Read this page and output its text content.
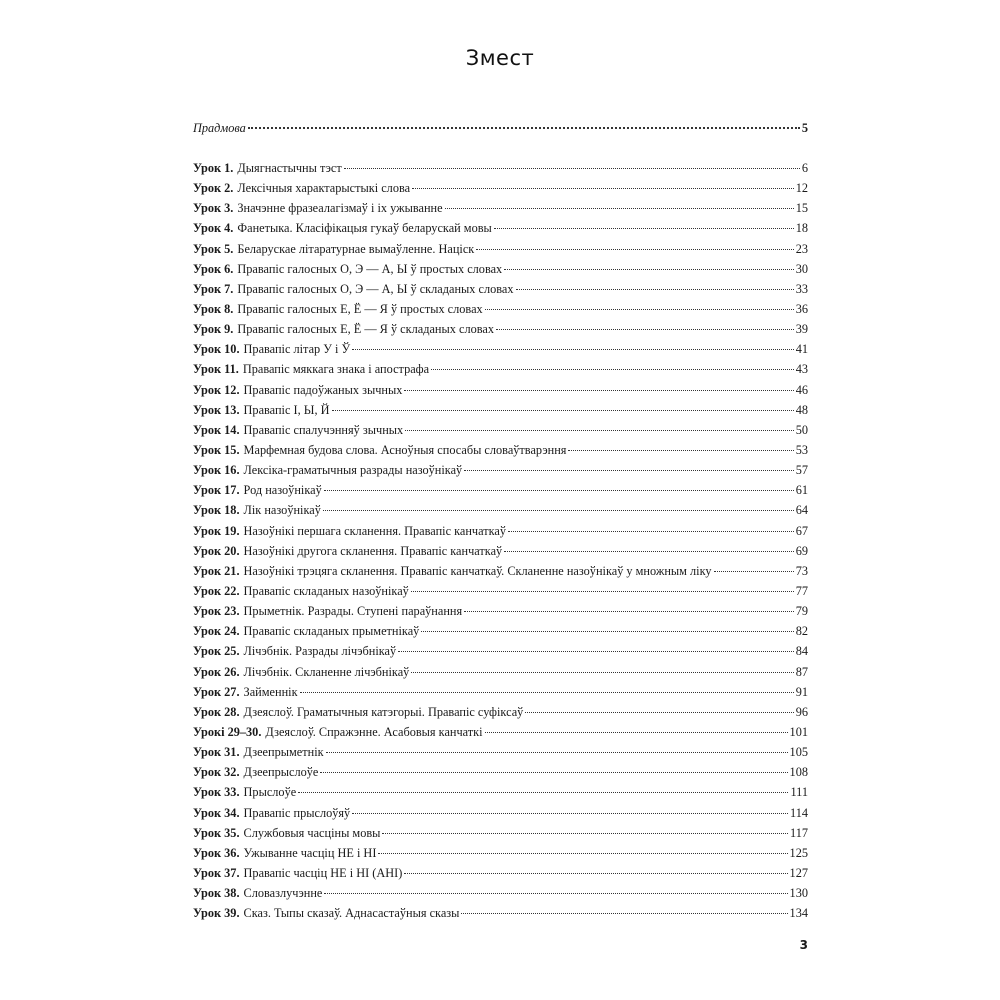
Змест
Прадмова	5
Урок 1. Дыягнастычны тэст	6
Урок 2. Лексічныя характарыстыкі слова	12
Урок 3. Значэнне фразеалагізмаў і іх ужыванне	15
Урок 4. Фанетыка. Класіфікацыя гукаў беларускай мовы	18
Урок 5. Беларускае літаратурнае вымаўленне. Націск	23
Урок 6. Правапіс галосных О, Э — А, Ы ў простых словах	30
Урок 7. Правапіс галосных О, Э — А, Ы ў складаных словах	33
Урок 8. Правапіс галосных Е, Ё — Я ў простых словах	36
Урок 9. Правапіс галосных Е, Ё — Я ў складаных словах	39
Урок 10. Правапіс літар У і Ў	41
Урок 11. Правапіс мяккага знака і апострафа	43
Урок 12. Правапіс падоўжаных зычных	46
Урок 13. Правапіс І, Ы, Й	48
Урок 14. Правапіс спалучэнняў зычных	50
Урок 15. Марфемная будова слова. Асноўныя спосабы словаўтварэння	53
Урок 16. Лексіка-граматычныя разрады назоўнікаў	57
Урок 17. Род назоўнікаў	61
Урок 18. Лік назоўнікаў	64
Урок 19. Назоўнікі першага скланення. Правапіс канчаткаў	67
Урок 20. Назоўнікі другога скланення. Правапіс канчаткаў	69
Урок 21. Назоўнікі трэцяга скланення. Правапіс канчаткаў. Скланенне назоўнікаў у множным ліку	73
Урок 22. Правапіс складаных назоўнікаў	77
Урок 23. Прыметнік. Разрады. Ступені параўнання	79
Урок 24. Правапіс складаных прыметнікаў	82
Урок 25. Лічэбнік. Разрады лічэбнікаў	84
Урок 26. Лічэбнік. Скланенне лічэбнікаў	87
Урок 27. Займеннік	91
Урок 28. Дзеяслоў. Граматычныя катэгорыі. Правапіс суфіксаў	96
Урокі 29–30. Дзеяслоў. Спражэнне. Асабовыя канчаткі	101
Урок 31. Дзеепрыметнік	105
Урок 32. Дзеепрыслоўе	108
Урок 33. Прыслоўе	111
Урок 34. Правапіс прыслоўяў	114
Урок 35. Службовыя часціны мовы	117
Урок 36. Ужыванне часціц НЕ і НІ	125
Урок 37. Правапіс часціц НЕ і НІ (АНІ)	127
Урок 38. Словазлучэнне	130
Урок 39. Сказ. Тыпы сказаў. Аднасастаўныя сказы	134
3
